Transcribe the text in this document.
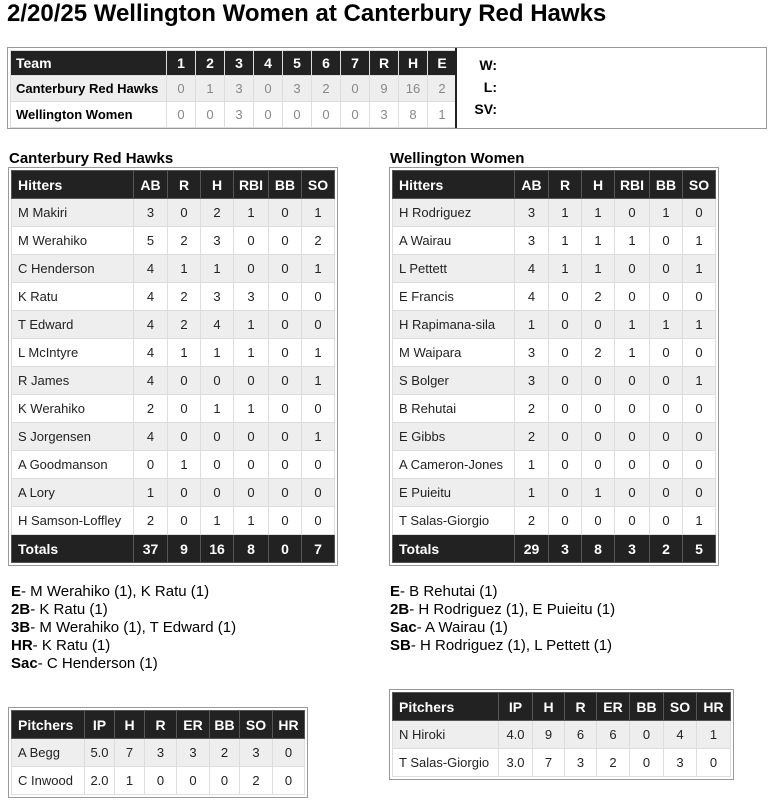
2/20/25 Wellington Women at Canterbury Red Hawks
Team	1	2	3	4	5	6	7	R	H	E
Canterbury Red Hawks	0	1	3	0	3	2	0	9	16	2
Wellington Women	0	0	3	0	0	0	0	3	8	1
W:
L:
SV:
Canterbury Red Hawks
Hitters	AB	R	H	RBI	BB	SO
M Makiri	3	0	2	1	0	1
M Werahiko	5	2	3	0	0	2
C Henderson	4	1	1	0	0	1
K Ratu	4	2	3	3	0	0
T Edward	4	2	4	1	0	0
L McIntyre	4	1	1	1	0	1
R James	4	0	0	0	0	1
K Werahiko	2	0	1	1	0	0
S Jorgensen	4	0	0	0	0	1
A Goodmanson	0	1	0	0	0	0
A Lory	1	0	0	0	0	0
H Samson-Loffley	2	0	1	1	0	0
Totals	37	9	16	8	0	7
E- M Werahiko (1), K Ratu (1)
2B- K Ratu (1)
3B- M Werahiko (1), T Edward (1)
HR- K Ratu (1)
Sac- C Henderson (1)
Pitchers	IP	H	R	ER	BB	SO	HR
A Begg	5.0	7	3	3	2	3	0
C Inwood	2.0	1	0	0	0	2	0
Wellington Women
Hitters	AB	R	H	RBI	BB	SO
H Rodriguez	3	1	1	0	1	0
A Wairau	3	1	1	1	0	1
L Pettett	4	1	1	0	0	1
E Francis	4	0	2	0	0	0
H Rapimana-sila	1	0	0	1	1	1
M Waipara	3	0	2	1	0	0
S Bolger	3	0	0	0	0	1
B Rehutai	2	0	0	0	0	0
E Gibbs	2	0	0	0	0	0
A Cameron-Jones	1	0	0	0	0	0
E Puieitu	1	0	1	0	0	0
T Salas-Giorgio	2	0	0	0	0	1
Totals	29	3	8	3	2	5
E- B Rehutai (1)
2B- H Rodriguez (1), E Puieitu (1)
Sac- A Wairau (1)
SB- H Rodriguez (1), L Pettett (1)
Pitchers	IP	H	R	ER	BB	SO	HR
N Hiroki	4.0	9	6	6	0	4	1
T Salas-Giorgio	3.0	7	3	2	0	3	0
